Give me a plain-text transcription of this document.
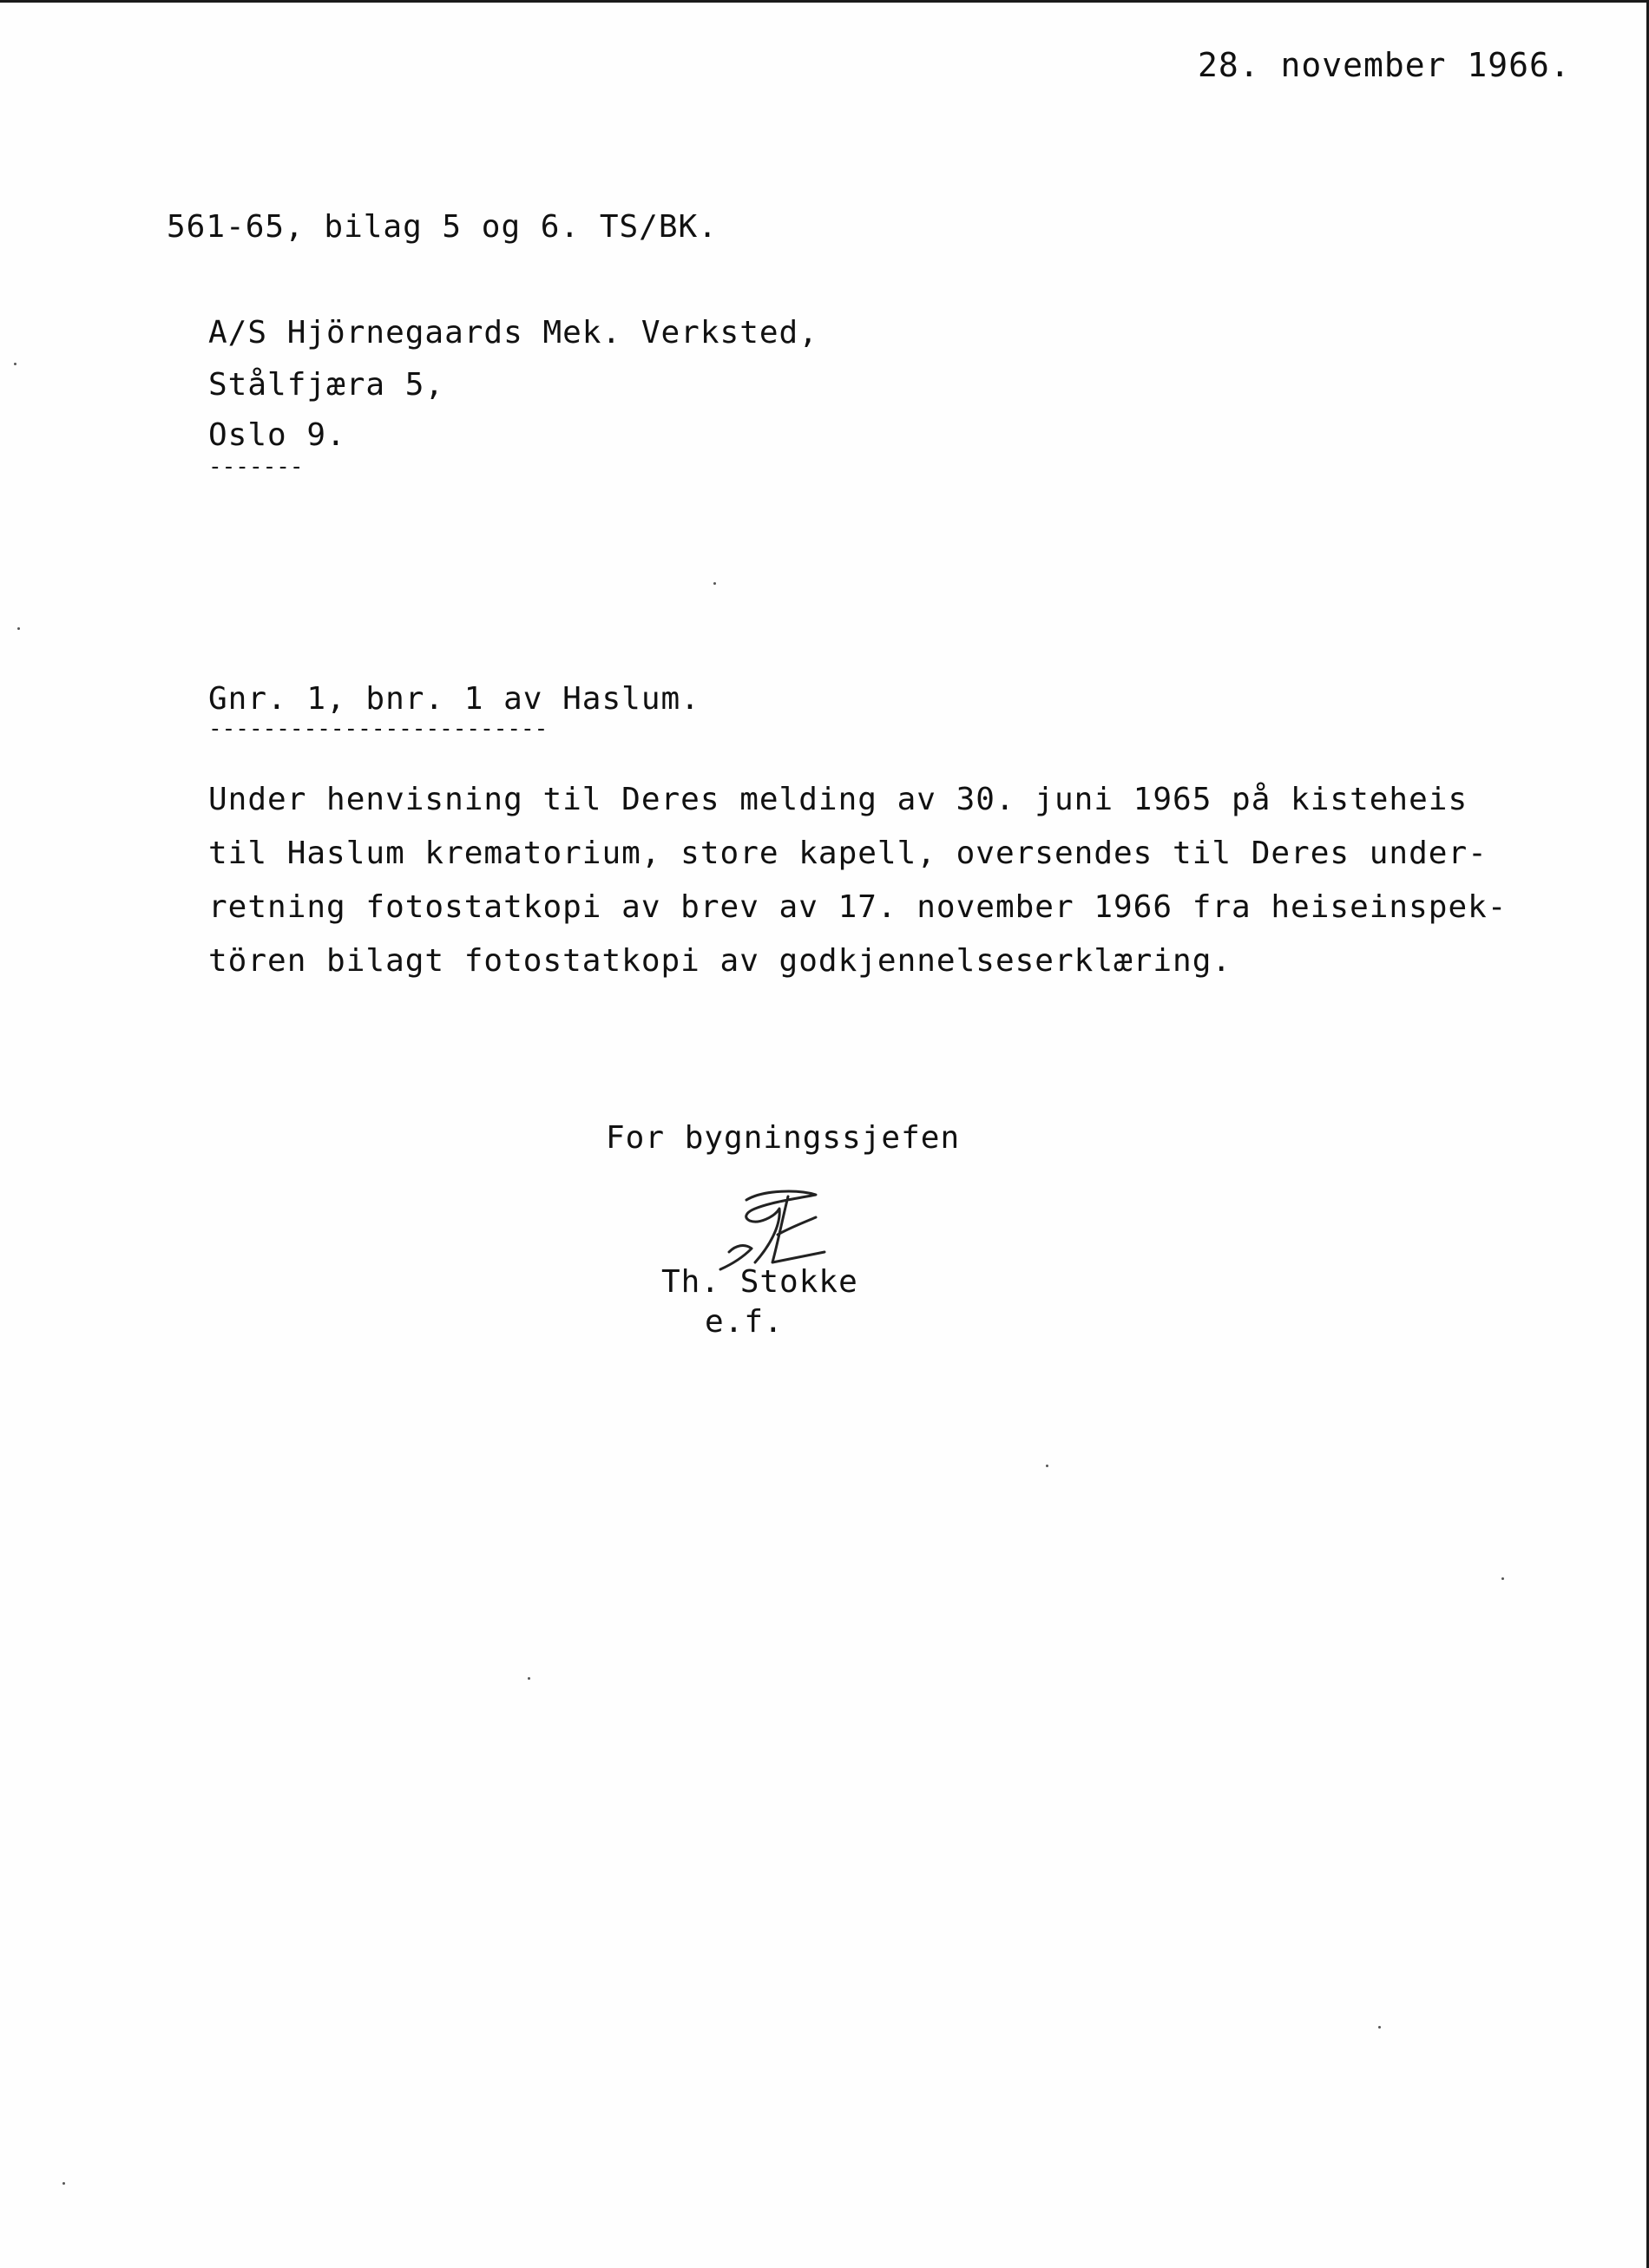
28. november 1966.
561-65, bilag 5 og 6. TS/BK.
A/S Hjörnegaards Mek. Verksted,
Stålfjæra 5,
Oslo 9.
-------
Gnr. 1, bnr. 1 av Haslum.
-------------------------
Under henvisning til Deres melding av 30. juni 1965 på kisteheis
til Haslum krematorium, store kapell, oversendes til Deres under-
retning fotostatkopi av brev av 17. november 1966 fra heiseinspek-
tören bilagt fotostatkopi av godkjennelseserklæring.
For bygningssjefen
Th. Stokke
e.f.
